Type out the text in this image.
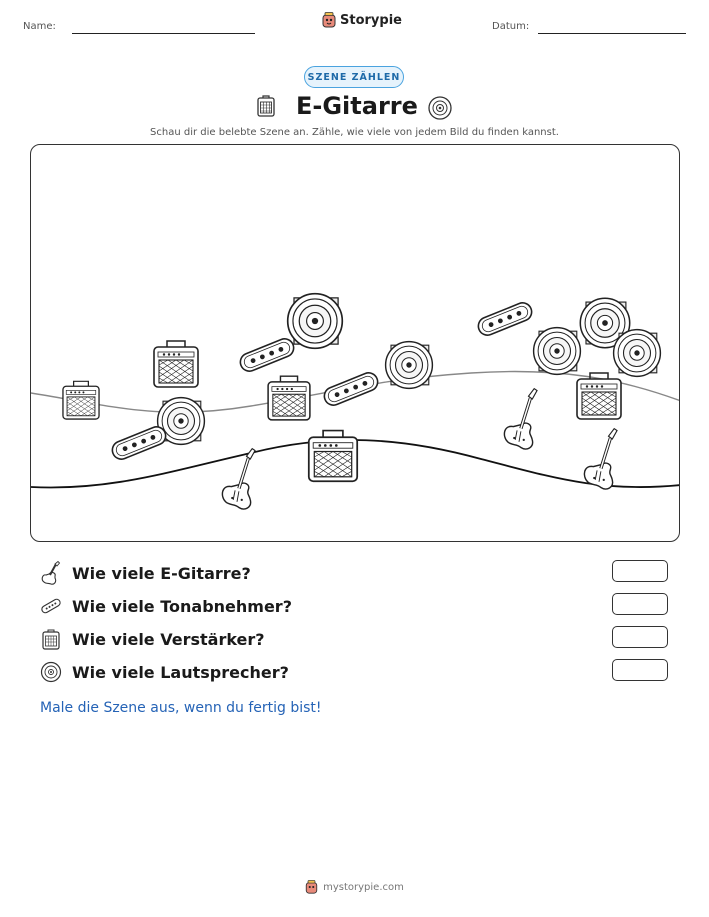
Name:	Storypie	Datum:
SZENE ZÄHLEN
E-Gitarre
Schau dir die belebte Szene an. Zähle, wie viele von jedem Bild du finden kannst.
Wie viele E-Gitarre?
Wie viele Tonabnehmer?
Wie viele Verstärker?
Wie viele Lautsprecher?
Male die Szene aus, wenn du fertig bist!
mystorypie.com
